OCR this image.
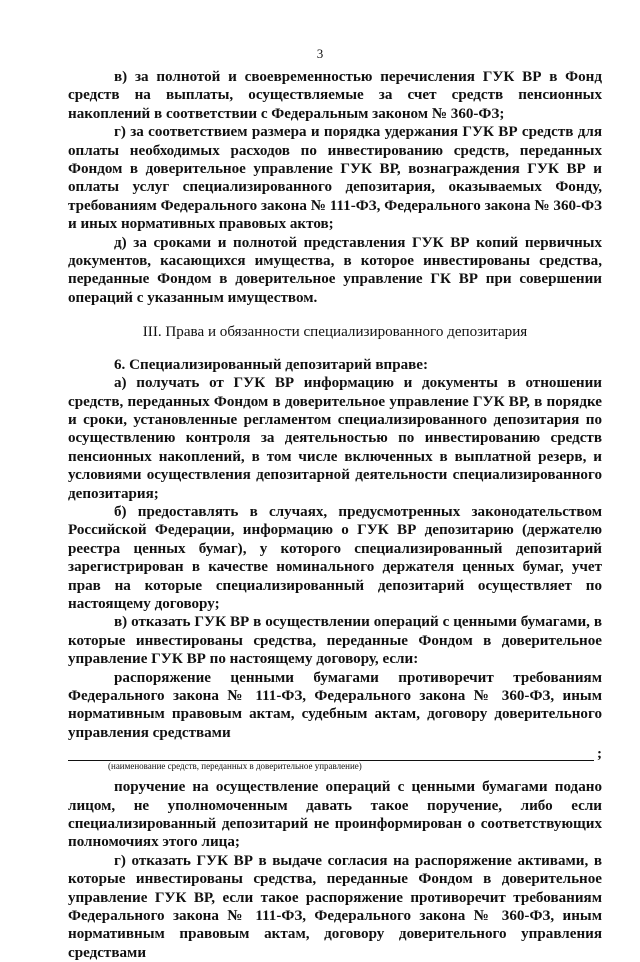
3

в) за полнотой и своевременностью перечисления ГУК ВР в Фонд средств на выплаты, осуществляемые за счет средств пенсионных накоплений в соответствии с Федеральным законом № 360-ФЗ;

г) за соответствием размера и порядка удержания ГУК ВР средств для оплаты необходимых расходов по инвестированию средств, переданных Фондом в доверительное управление ГУК ВР, вознаграждения ГУК ВР и оплаты услуг специализированного депозитария, оказываемых Фонду, требованиям Федерального закона № 111-ФЗ, Федерального закона № 360-ФЗ и иных нормативных правовых актов;

д) за сроками и полнотой представления ГУК ВР копий первичных документов, касающихся имущества, в которое инвестированы средства, переданные Фондом в доверительное управление ГК ВР при совершении операций с указанным имуществом.

III. Права и обязанности специализированного депозитария

6. Специализированный депозитарий вправе:

а) получать от ГУК ВР информацию и документы в отношении средств, переданных Фондом в доверительное управление ГУК ВР, в порядке и сроки, установленные регламентом специализированного депозитария по осуществлению контроля за деятельностью по инвестированию средств пенсионных накоплений, в том числе включенных в выплатной резерв, и условиями осуществления депозитарной деятельности специализированного депозитария;

б) предоставлять в случаях, предусмотренных законодательством Российской Федерации, информацию о ГУК ВР депозитарию (держателю реестра ценных бумаг), у которого специализированный депозитарий зарегистрирован в качестве номинального держателя ценных бумаг, учет прав на которые специализированный депозитарий осуществляет по настоящему договору;

в) отказать ГУК ВР в осуществлении операций с ценными бумагами, в которые инвестированы средства, переданные Фондом в доверительное управление ГУК ВР по настоящему договору, если:

распоряжение ценными бумагами противоречит требованиям Федерального закона № 111-ФЗ, Федерального закона № 360-ФЗ, иным нормативным правовым актам, судебным актам, договору доверительного управления средствами

;

(наименование средств, переданных в доверительное управление)

поручение на осуществление операций с ценными бумагами подано лицом, не уполномоченным давать такое поручение, либо если специализированный депозитарий не проинформирован о соответствующих полномочиях этого лица;

г) отказать ГУК ВР в выдаче согласия на распоряжение активами, в которые инвестированы средства, переданные Фондом в доверительное управление ГУК ВР, если такое распоряжение противоречит требованиям Федерального закона № 111-ФЗ, Федерального закона № 360-ФЗ, иным нормативным правовым актам, договору доверительного управления средствами
